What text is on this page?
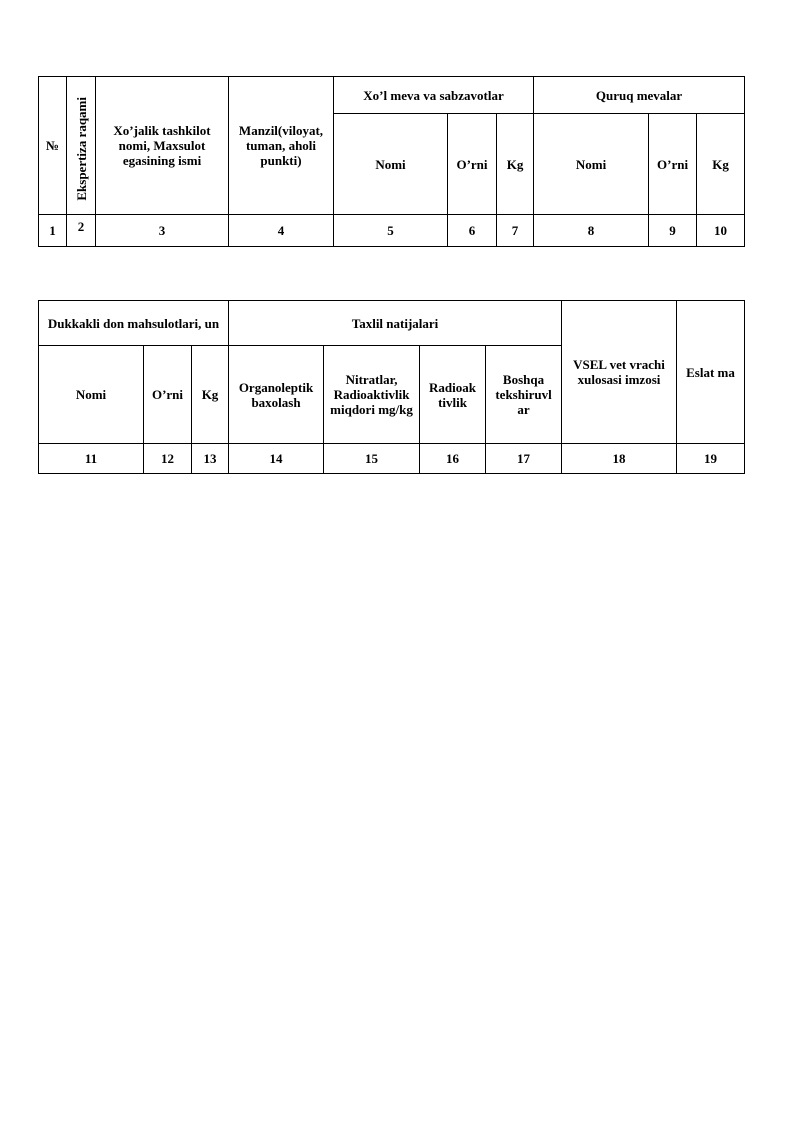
№	Ekspertiza raqami	Xo’jalik tashkilot nomi, Maxsulot egasining ismi	Manzil(viloyat, tuman, aholi punkti)	Xo’l meva va sabzavotlar			Quruq mevalar		
				Nomi	O’rni	Kg	Nomi	O’rni	Kg
1	2	3	4	5	6	7	8	9	10
Dukkakli don mahsulotlari, un			Taxlil natijalari				VSEL vet vrachi xulosasi imzosi	Eslat ma
Nomi	O’rni	Kg	Organoleptik baxolash	Nitratlar, Radioaktivlik miqdori mg/kg	Radioak tivlik	Boshqa tekshiruvl ar		
11	12	13	14	15	16	17	18	19
